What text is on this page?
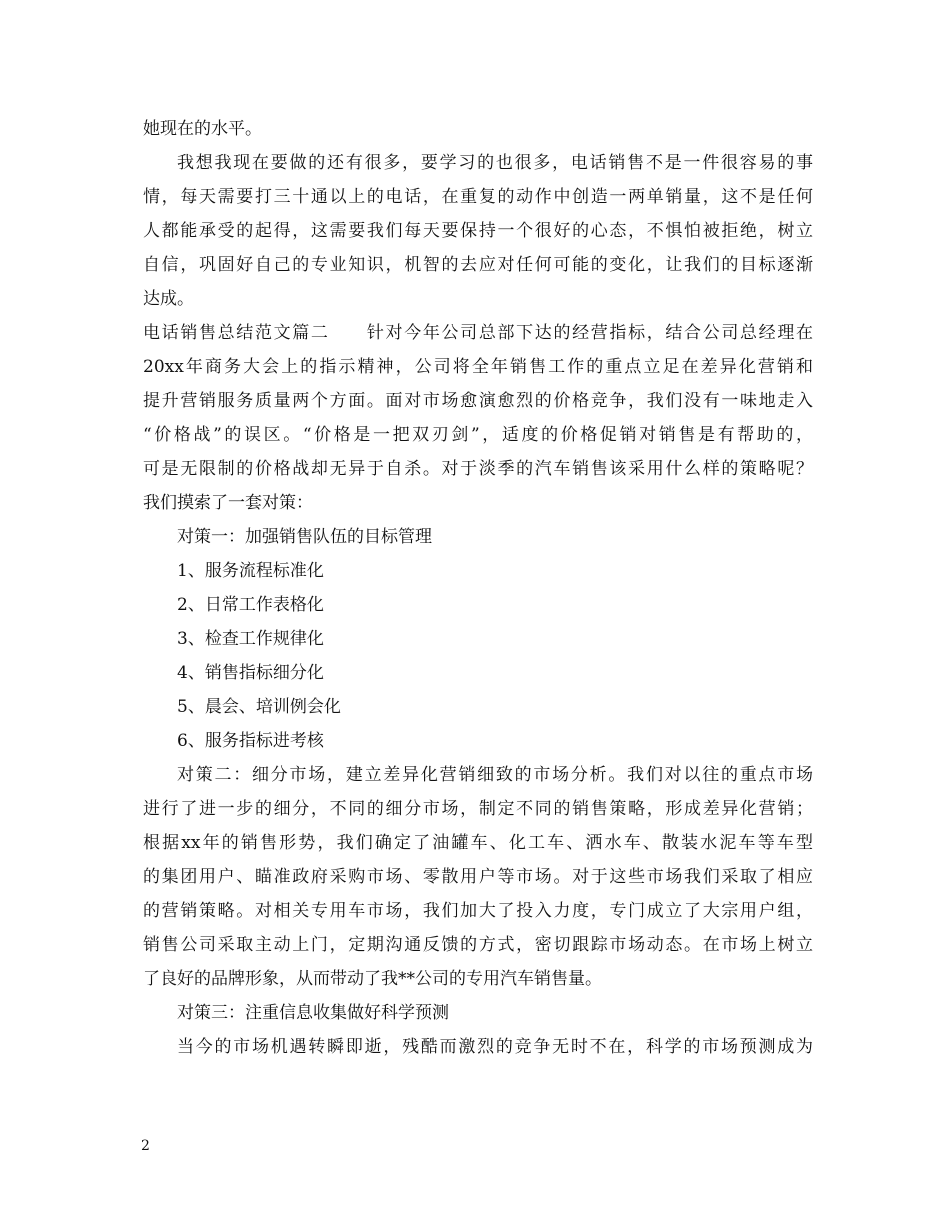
她现在的水平。
我想我现在要做的还有很多，要学习的也很多，电话销售不是一件很容易的事
情，每天需要打三十通以上的电话，在重复的动作中创造一两单销量，这不是任何
人都能承受的起得，这需要我们每天要保持一个很好的心态，不惧怕被拒绝，树立
自信，巩固好自己的专业知识，机智的去应对任何可能的变化，让我们的目标逐渐
达成。
电话销售总结范文篇二　　针对今年公司总部下达的经营指标，结合公司总经理在
20xx年商务大会上的指示精神，公司将全年销售工作的重点立足在差异化营销和
提升营销服务质量两个方面。面对市场愈演愈烈的价格竞争，我们没有一味地走入
“价格战”的误区。“价格是一把双刃剑”，适度的价格促销对销售是有帮助的，
可是无限制的价格战却无异于自杀。对于淡季的汽车销售该采用什么样的策略呢？
我们摸索了一套对策：
对策一：加强销售队伍的目标管理
1、服务流程标准化
2、日常工作表格化
3、检查工作规律化
4、销售指标细分化
5、晨会、培训例会化
6、服务指标进考核
对策二：细分市场，建立差异化营销细致的市场分析。我们对以往的重点市场
进行了进一步的细分，不同的细分市场，制定不同的销售策略，形成差异化营销；
根据xx年的销售形势，我们确定了油罐车、化工车、洒水车、散装水泥车等车型
的集团用户、瞄准政府采购市场、零散用户等市场。对于这些市场我们采取了相应
的营销策略。对相关专用车市场，我们加大了投入力度，专门成立了大宗用户组，
销售公司采取主动上门，定期沟通反馈的方式，密切跟踪市场动态。在市场上树立
了良好的品牌形象，从而带动了我**公司的专用汽车销售量。
对策三：注重信息收集做好科学预测
当今的市场机遇转瞬即逝，残酷而激烈的竞争无时不在，科学的市场预测成为
2
